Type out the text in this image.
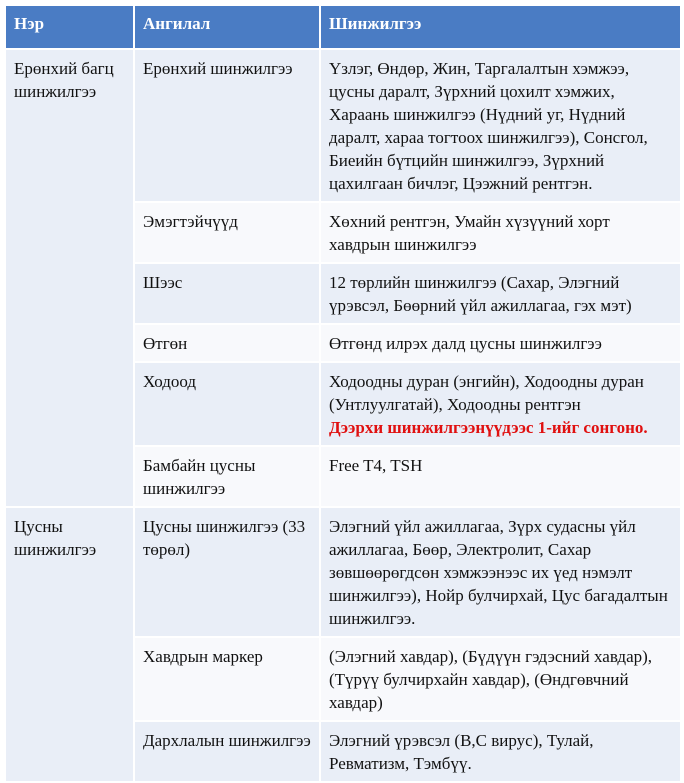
Нэр	Ангилал	Шинжилгээ
Ерөнхий багц шинжилгээ	Ерөнхий шинжилгээ	Үзлэг, Өндөр, Жин, Таргалалтын хэмжээ, цусны даралт, Зүрхний цохилт хэмжих, Хараань шинжилгээ (Нүдний уг, Нүдний даралт, хараа тогтоох шинжилгээ), Сонсгол, Биеийн бүтцийн шинжилгээ, Зүрхний цахилгаан бичлэг, Цээжний рентгэн.
	Эмэгтэйчүүд	Хөхний рентгэн, Умайн хүзүүний хорт хавдрын шинжилгээ
	Шээс	12 төрлийн шинжилгээ (Сахар, Элэгний үрэвсэл, Бөөрний үйл ажиллагаа, гэх мэт)
	Өтгөн	Өтгөнд илрэх далд цусны шинжилгээ
	Ходоод	Ходоодны дуран (энгийн), Ходоодны дуран (Унтлуулгатай), Ходоодны рентгэн
Дээрхи шинжилгээнүүдээс 1-ийг сонгоно.
	Бамбайн цусны шинжилгээ	Free T4, TSH
Цусны шинжилгээ	Цусны шинжилгээ (33 төрөл)	Элэгний үйл ажиллагаа, Зүрх судасны үйл ажиллагаа, Бөөр, Электролит, Сахар зөвшөөрөгдсөн хэмжээнээс их үед нэмэлт шинжилгээ), Нойр булчирхай, Цус багадалтын шинжилгээ.
	Хавдрын маркер	(Элэгний хавдар), (Бүдүүн гэдэсний хавдар), (Түрүү булчирхайн хавдар), (Өндгөвчний хавдар)
	Дархлалын шинжилгээ	Элэгний үрэвсэл (B,C вирус), Тулай, Ревматизм, Тэмбүү.
